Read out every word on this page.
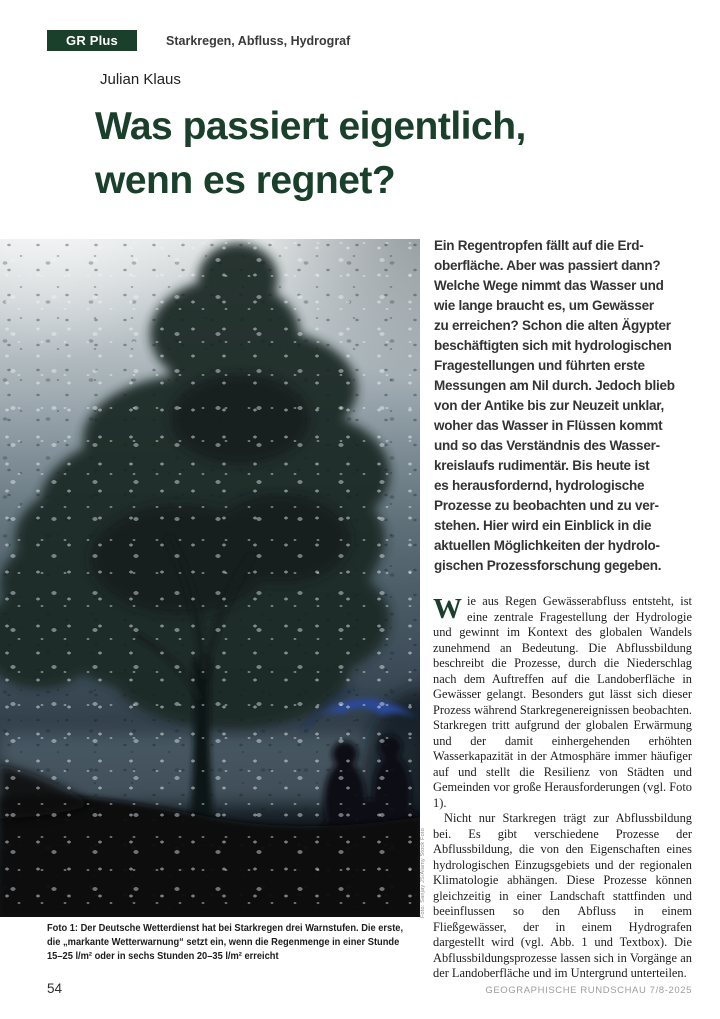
GR Plus	Starkregen, Abfluss, Hydrograf
Julian Klaus
Was passiert eigentlich,
wenn es regnet?
Foto: Sanjay JS/Alamy Stock Foto
Foto 1: Der Deutsche Wetterdienst hat bei Starkregen drei Warnstufen. Die erste,
die „markante Wetterwarnung“ setzt ein, wenn die Regenmenge in einer Stunde
15–25 l/m² oder in sechs Stunden 20–35 l/m² erreicht
Ein Regentropfen fällt auf die Erd-
oberfläche. Aber was passiert dann?
Welche Wege nimmt das Wasser und
wie lange braucht es, um Gewässer
zu erreichen? Schon die alten Ägypter
beschäftigten sich mit hydrologischen
Fragestellungen und führten erste
Messungen am Nil durch. Jedoch blieb
von der Antike bis zur Neuzeit unklar,
woher das Wasser in Flüssen kommt
und so das Verständnis des Wasser-
kreislaufs rudimentär. Bis heute ist
es herausfordernd, hydrologische
Prozesse zu beobachten und zu ver-
stehen. Hier wird ein Einblick in die
aktuellen Möglichkeiten der hydrolo-
gischen Prozessforschung gegeben.

Wie aus Regen Gewässerabfluss entsteht, ist eine zentrale Fragestellung der Hydrologie und gewinnt im Kontext des globalen Wandels zunehmend an Bedeutung. Die Abflussbildung beschreibt die Prozesse, durch die Niederschlag nach dem Auftreffen auf die Landoberfläche in Gewässer gelangt. Besonders gut lässt sich dieser Prozess während Starkregenereignissen beobachten. Starkregen tritt aufgrund der globalen Erwärmung und der damit einhergehenden erhöhten Wasserkapazität in der Atmosphäre immer häufiger auf und stellt die Resilienz von Städten und Gemeinden vor große Herausforderungen (vgl. Foto 1).

Nicht nur Starkregen trägt zur Abflussbildung bei. Es gibt verschiedene Prozesse der Abflussbildung, die von den Eigenschaften eines hydrologischen Einzugsgebiets und der regionalen Klimatologie abhängen. Diese Prozesse können gleichzeitig in einer Landschaft stattfinden und beeinflussen so den Abfluss in einem Fließgewässer, der in einem Hydrografen dargestellt wird (vgl. Abb. 1 und Textbox). Die Abflussbildungsprozesse lassen sich in Vorgänge an der Landoberfläche und im Untergrund unterteilen.

54	GEOGRAPHISCHE RUNDSCHAU 7/8-2025
